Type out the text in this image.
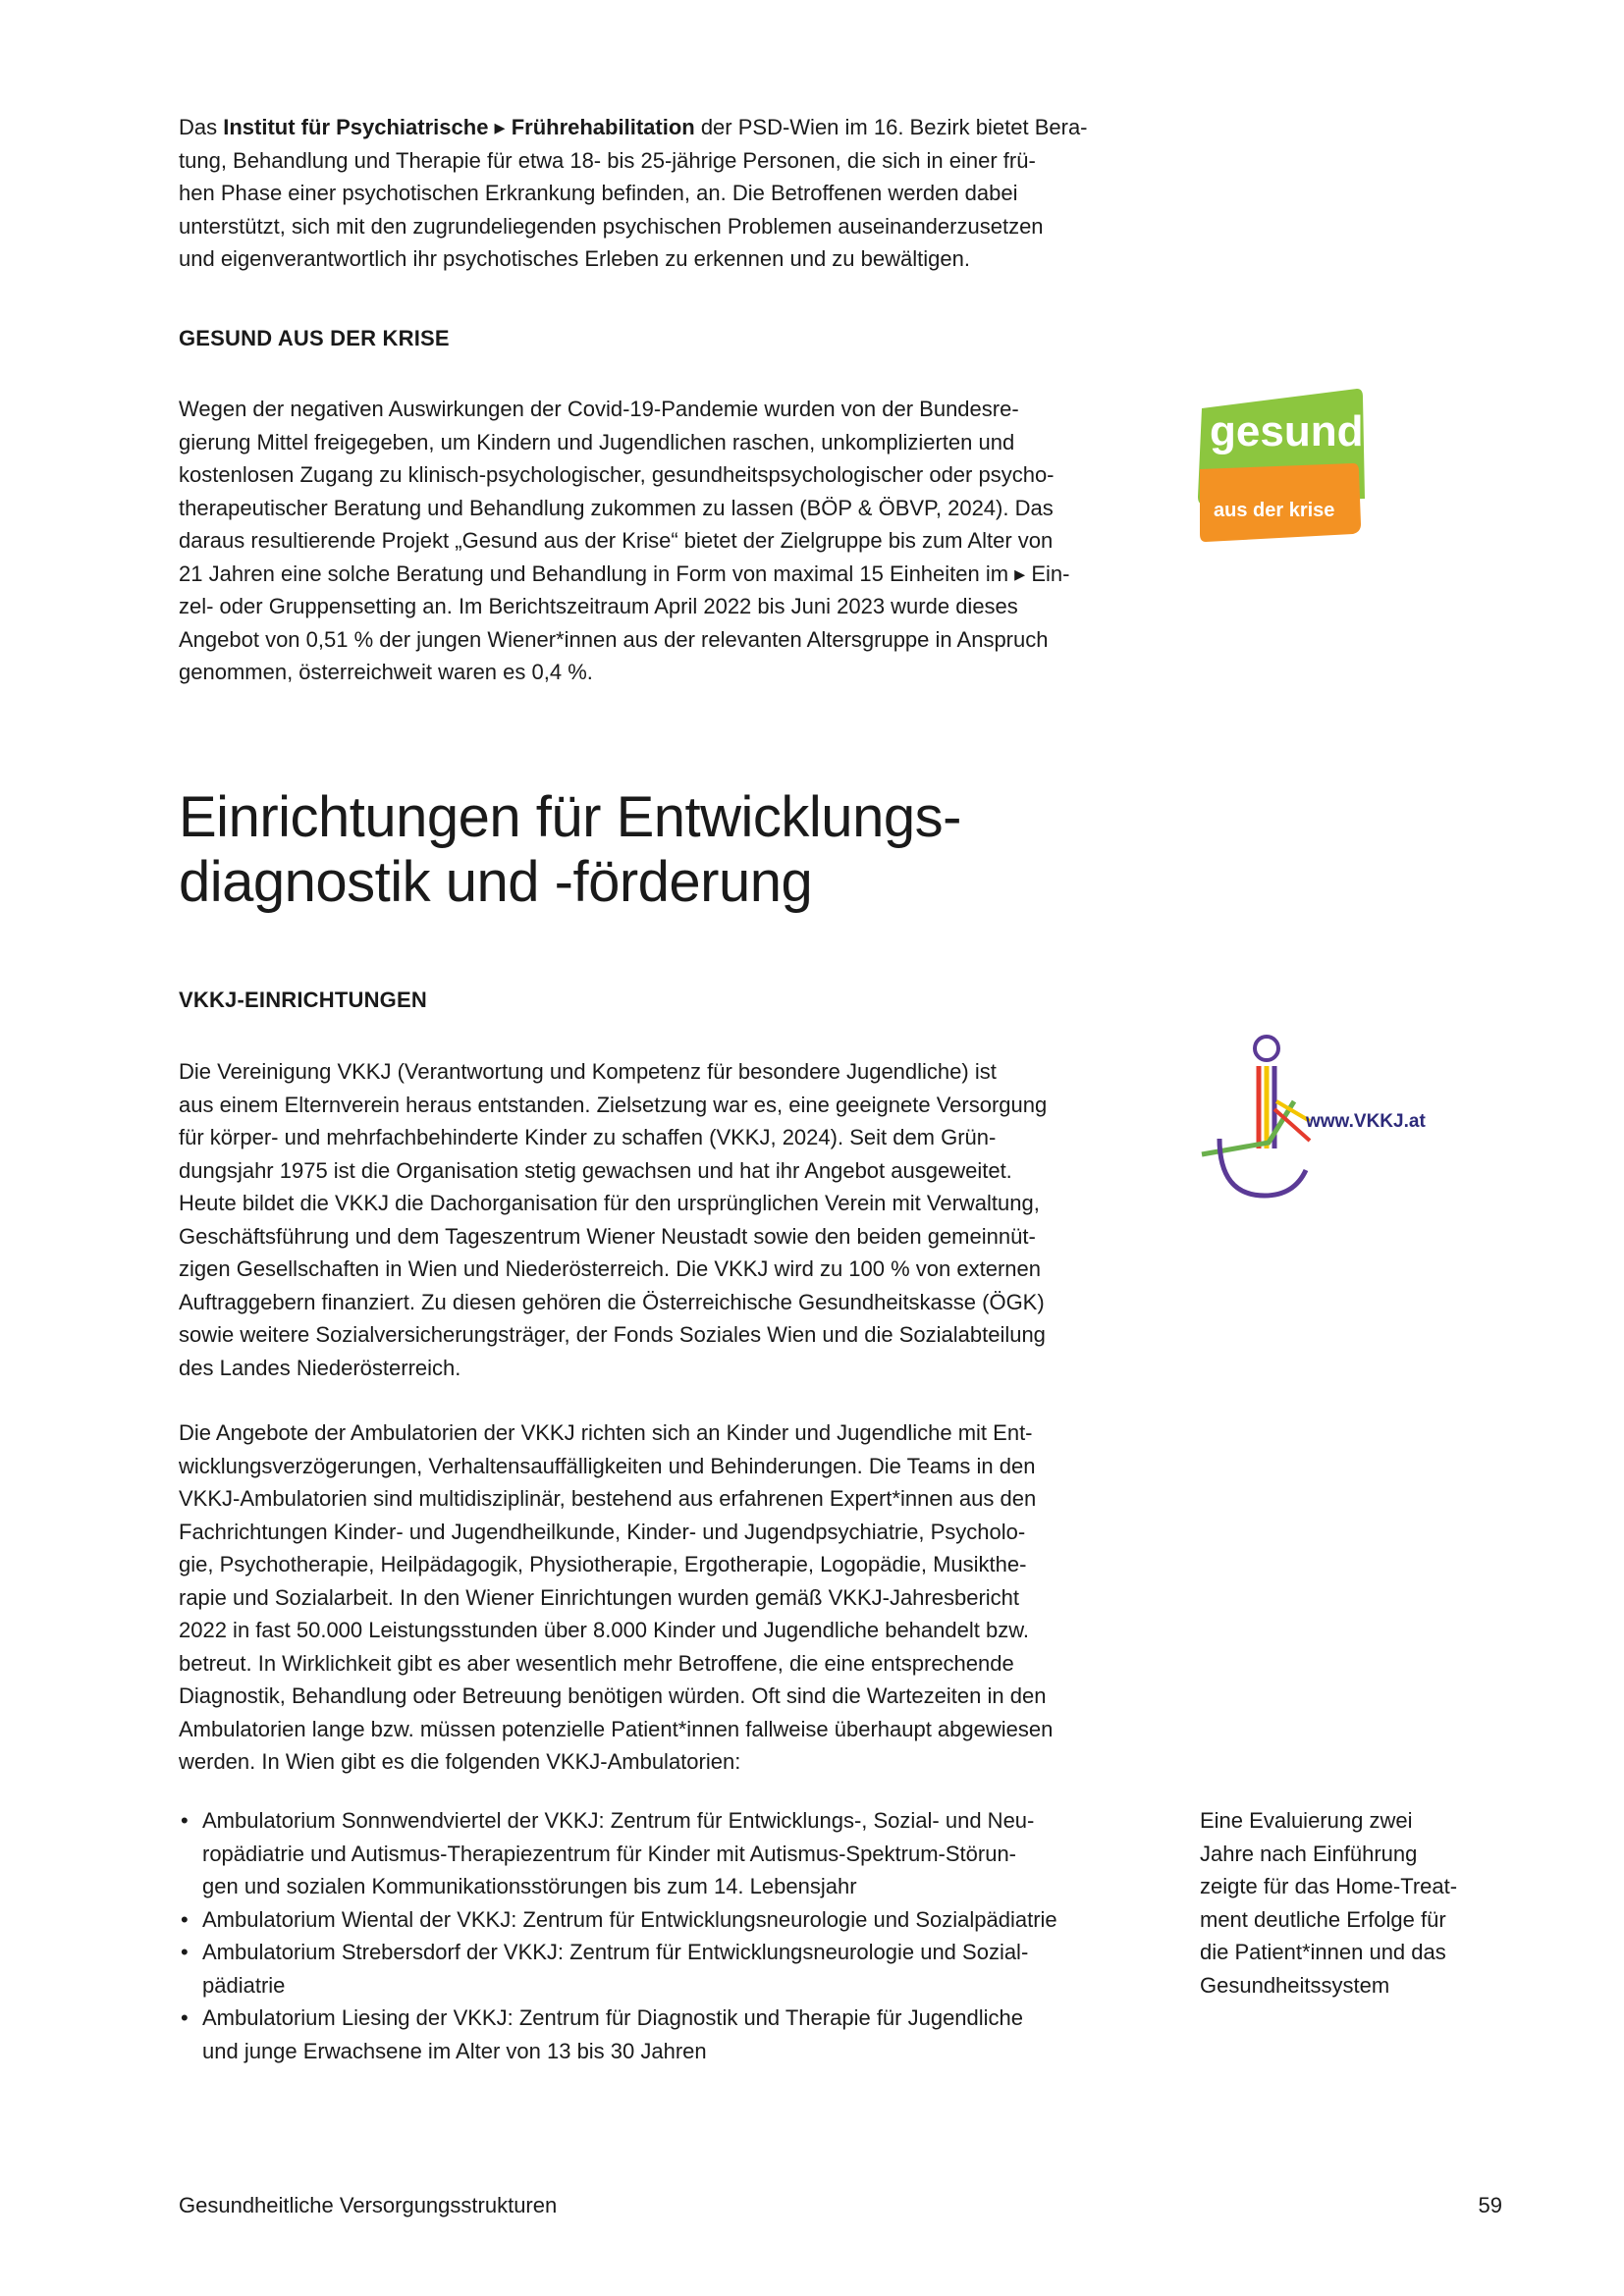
Das Institut für Psychiatrische ▸ Frührehabilitation der PSD-Wien im 16. Bezirk bietet Bera-
tung, Behandlung und Therapie für etwa 18- bis 25-jährige Personen, die sich in einer frü-
hen Phase einer psychotischen Erkrankung befinden, an. Die Betroffenen werden dabei
unterstützt, sich mit den zugrundeliegenden psychischen Problemen auseinanderzusetzen
und eigenverantwortlich ihr psychotisches Erleben zu erkennen und zu bewältigen.

GESUND AUS DER KRISE

Wegen der negativen Auswirkungen der Covid-19-Pandemie wurden von der Bundesre-
gierung Mittel freigegeben, um Kindern und Jugendlichen raschen, unkomplizierten und
kostenlosen Zugang zu klinisch-psychologischer, gesundheitspsychologischer oder psycho-
therapeutischer Beratung und Behandlung zukommen zu lassen (BÖP & ÖBVP, 2024). Das
daraus resultierende Projekt „Gesund aus der Krise“ bietet der Zielgruppe bis zum Alter von
21 Jahren eine solche Beratung und Behandlung in Form von maximal 15 Einheiten im ▸ Ein-
zel- oder Gruppensetting an. Im Berichtszeitraum April 2022 bis Juni 2023 wurde dieses
Angebot von 0,51 % der jungen Wiener*innen aus der relevanten Altersgruppe in Anspruch
genommen, österreichweit waren es 0,4 %.

gesund
aus der krise
Einrichtungen für Entwicklungs-
diagnostik und -förderung

VKKJ-EINRICHTUNGEN

Die Vereinigung VKKJ (Verantwortung und Kompetenz für besondere Jugendliche) ist
aus einem Elternverein heraus entstanden. Zielsetzung war es, eine geeignete Versorgung
für körper- und mehrfachbehinderte Kinder zu schaffen (VKKJ, 2024). Seit dem Grün-
dungsjahr 1975 ist die Organisation stetig gewachsen und hat ihr Angebot ausgeweitet.
Heute bildet die VKKJ die Dachorganisation für den ursprünglichen Verein mit Verwaltung,
Geschäftsführung und dem Tageszentrum Wiener Neustadt sowie den beiden gemeinnüt-
zigen Gesellschaften in Wien und Niederösterreich. Die VKKJ wird zu 100 % von externen
Auftraggebern finanziert. Zu diesen gehören die Österreichische Gesundheitskasse (ÖGK)
sowie weitere Sozialversicherungsträger, der Fonds Soziales Wien und die Sozialabteilung
des Landes Niederösterreich.

Die Angebote der Ambulatorien der VKKJ richten sich an Kinder und Jugendliche mit Ent-
wicklungsverzögerungen, Verhaltensauffälligkeiten und Behinderungen. Die Teams in den
VKKJ-Ambulatorien sind multidisziplinär, bestehend aus erfahrenen Expert*innen aus den
Fachrichtungen Kinder- und Jugendheilkunde, Kinder- und Jugendpsychiatrie, Psycholo-
gie, Psychotherapie, Heilpädagogik, Physiotherapie, Ergotherapie, Logopädie, Musikthe-
rapie und Sozialarbeit. In den Wiener Einrichtungen wurden gemäß VKKJ-Jahresbericht
2022 in fast 50.000 Leistungsstunden über 8.000 Kinder und Jugendliche behandelt bzw.
betreut. In Wirklichkeit gibt es aber wesentlich mehr Betroffene, die eine entsprechende
Diagnostik, Behandlung oder Betreuung benötigen würden. Oft sind die Wartezeiten in den
Ambulatorien lange bzw. müssen potenzielle Patient*innen fallweise überhaupt abgewiesen
werden. In Wien gibt es die folgenden VKKJ-Ambulatorien:

www.VKKJ.at
• Ambulatorium Sonnwendviertel der VKKJ: Zentrum für Entwicklungs-, Sozial- und Neu-
ropädiatrie und Autismus-Therapiezentrum für Kinder mit Autismus-Spektrum-Störun-
gen und sozialen Kommunikationsstörungen bis zum 14. Lebensjahr
• Ambulatorium Wiental der VKKJ: Zentrum für Entwicklungsneurologie und Sozialpädiatrie
• Ambulatorium Strebersdorf der VKKJ: Zentrum für Entwicklungsneurologie und Sozial-
pädiatrie
• Ambulatorium Liesing der VKKJ: Zentrum für Diagnostik und Therapie für Jugendliche
und junge Erwachsene im Alter von 13 bis 30 Jahren

Eine Evaluierung zwei
Jahre nach Einführung
zeigte für das Home-Treat-
ment deutliche Erfolge für
die Patient*innen und das
Gesundheitssystem

Gesundheitliche Versorgungsstrukturen	59
